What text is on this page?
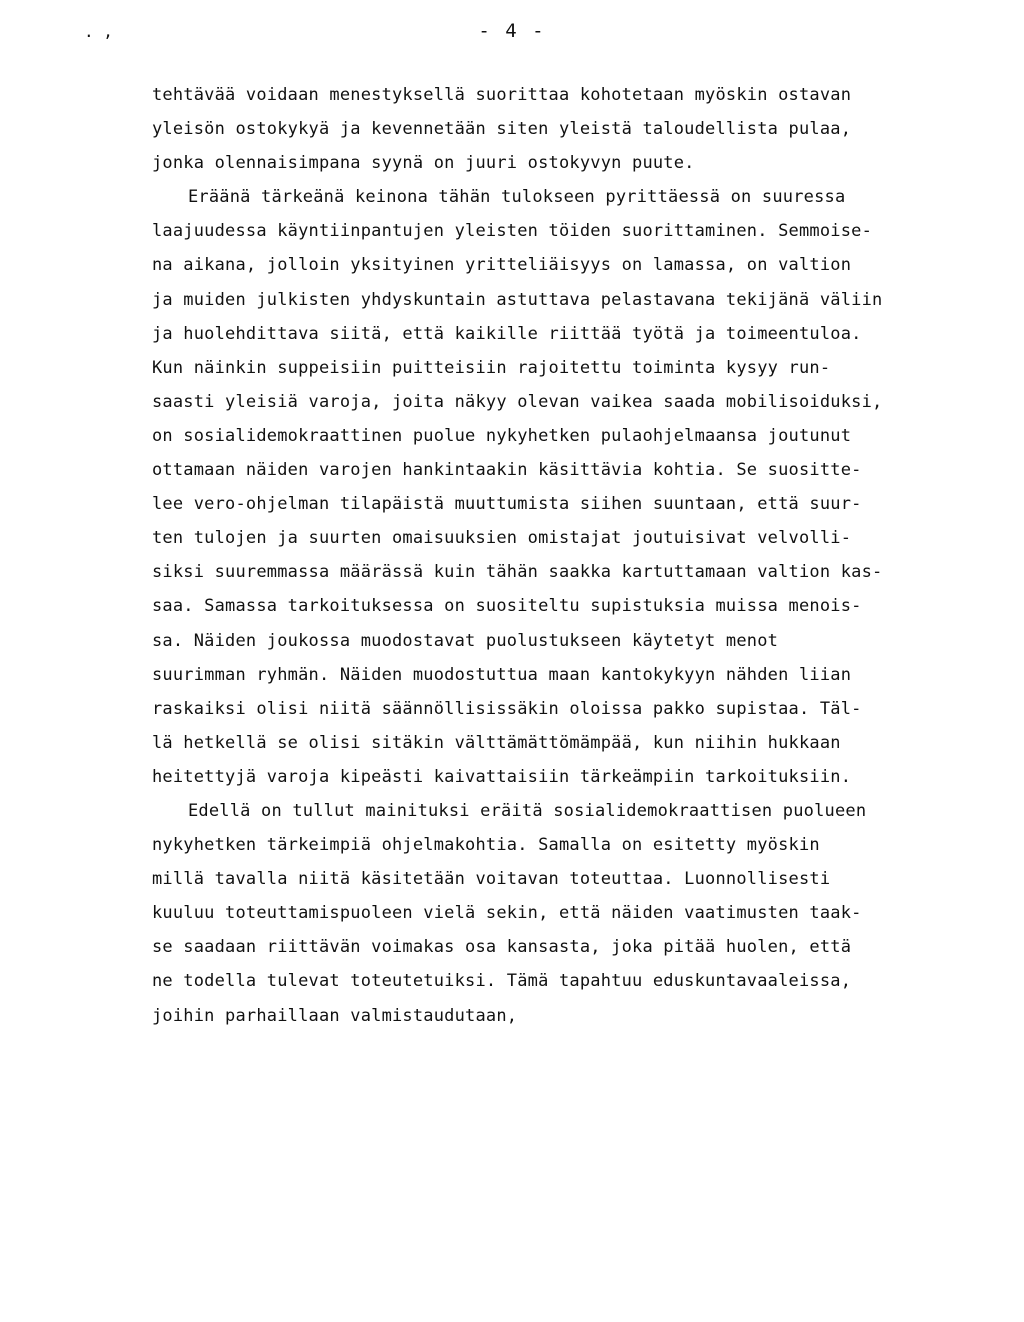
. ,	- 4 -
tehtävää voidaan menestyksellä suorittaa kohotetaan myöskin ostavan
yleisön ostokykyä ja kevennetään siten yleistä taloudellista pulaa,
jonka olennaisimpana syynä on juuri ostokyvyn puute.
Eräänä tärkeänä keinona tähän tulokseen pyrittäessä on suuressa
laajuudessa käyntiinpantujen yleisten töiden suorittaminen. Semmoise-
na aikana, jolloin yksityinen yritteliäisyys on lamassa, on valtion
ja muiden julkisten yhdyskuntain astuttava pelastavana tekijänä väliin
ja huolehdittava siitä, että kaikille riittää työtä ja toimeentuloa.
Kun näinkin suppeisiin puitteisiin rajoitettu toiminta kysyy run-
saasti yleisiä varoja, joita näkyy olevan vaikea saada mobilisoiduksi,
on sosialidemokraattinen puolue nykyhetken pulaohjelmaansa joutunut
ottamaan näiden varojen hankintaakin käsittävia kohtia. Se suositte-
lee vero-ohjelman tilapäistä muuttumista siihen suuntaan, että suur-
ten tulojen ja suurten omaisuuksien omistajat joutuisivat velvolli-
siksi suuremmassa määrässä kuin tähän saakka kartuttamaan valtion kas-
saa. Samassa tarkoituksessa on suositeltu supistuksia muissa menois-
sa. Näiden joukossa muodostavat puolustukseen käytetyt menot
suurimman ryhmän. Näiden muodostuttua maan kantokykyyn nähden liian
raskaiksi olisi niitä säännöllisissäkin oloissa pakko supistaa. Täl-
lä hetkellä se olisi sitäkin välttämättömämpää, kun niihin hukkaan
heitettyjä varoja kipeästi kaivattaisiin tärkeämpiin tarkoituksiin.
Edellä on tullut mainituksi eräitä sosialidemokraattisen puolueen
nykyhetken tärkeimpiä ohjelmakohtia. Samalla on esitetty myöskin
millä tavalla niitä käsitetään voitavan toteuttaa. Luonnollisesti
kuuluu toteuttamispuoleen vielä sekin, että näiden vaatimusten taak-
se saadaan riittävän voimakas osa kansasta, joka pitää huolen, että
ne todella tulevat toteutetuiksi. Tämä tapahtuu eduskuntavaaleissa,
joihin parhaillaan valmistaudutaan,
